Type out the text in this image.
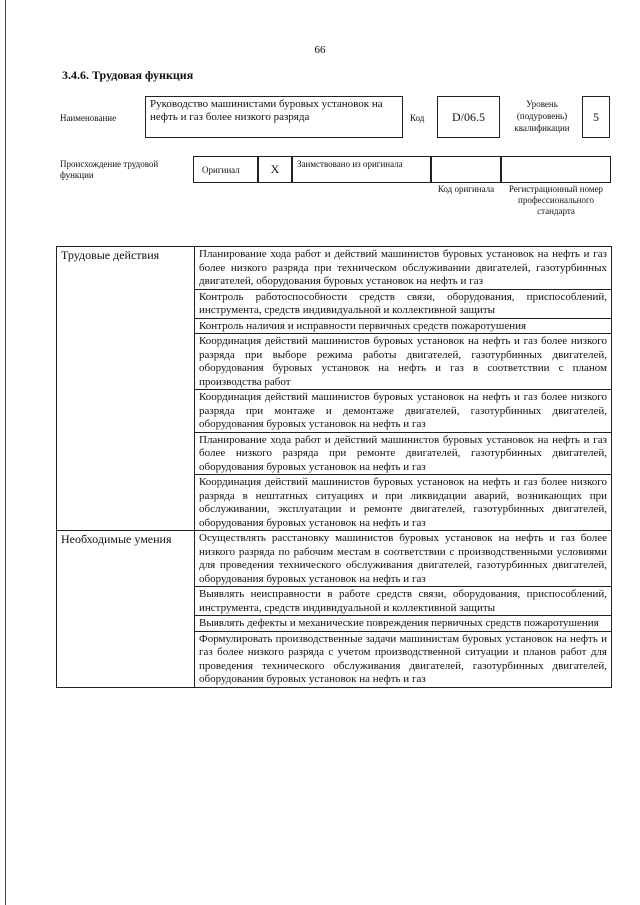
66
3.4.6. Трудовая функция
Наименование
Руководство машинистами буровых установок на нефть и газ более низкого разряда	Код D/06.5
Уровень (подуровень) квалификации
5
Происхождение трудовой функции
Оригинал	X	Заимствовано из оригинала
Код оригинала	Регистрационный номер профессионального стандарта
Трудовые действия	Планирование хода работ и действий машинистов буровых установок на нефть и газ более низкого разряда при техническом обслуживании двигателей, газотурбинных двигателей, оборудования буровых установок на нефть и газ
	Контроль работоспособности средств связи, оборудования, приспособлений, инструмента, средств индивидуальной и коллективной защиты
	Контроль наличия и исправности первичных средств пожаротушения
	Координация действий машинистов буровых установок на нефть и газ более низкого разряда при выборе режима работы двигателей, газотурбинных двигателей, оборудования буровых установок на нефть и газ в соответствии с планом производства работ
	Координация действий машинистов буровых установок на нефть и газ более низкого разряда при монтаже и демонтаже двигателей, газотурбинных двигателей, оборудования буровых установок на нефть и газ
	Планирование хода работ и действий машинистов буровых установок на нефть и газ более низкого разряда при ремонте двигателей, газотурбинных двигателей, оборудования буровых установок на нефть и газ
	Координация действий машинистов буровых установок на нефть и газ более низкого разряда в нештатных ситуациях и при ликвидации аварий, возникающих при обслуживании, эксплуатации и ремонте двигателей, газотурбинных двигателей, оборудования буровых установок на нефть и газ
Необходимые умения	Осуществлять расстановку машинистов буровых установок на нефть и газ более низкого разряда по рабочим местам в соответствии с производственными условиями для проведения технического обслуживания двигателей, газотурбинных двигателей, оборудования буровых установок на нефть и газ
	Выявлять неисправности в работе средств связи, оборудования, приспособлений, инструмента, средств индивидуальной и коллективной защиты
	Выявлять дефекты и механические повреждения первичных средств пожаротушения
	Формулировать производственные задачи машинистам буровых установок на нефть и газ более низкого разряда с учетом производственной ситуации и планов работ для проведения технического обслуживания двигателей, газотурбинных двигателей, оборудования буровых установок на нефть и газ
